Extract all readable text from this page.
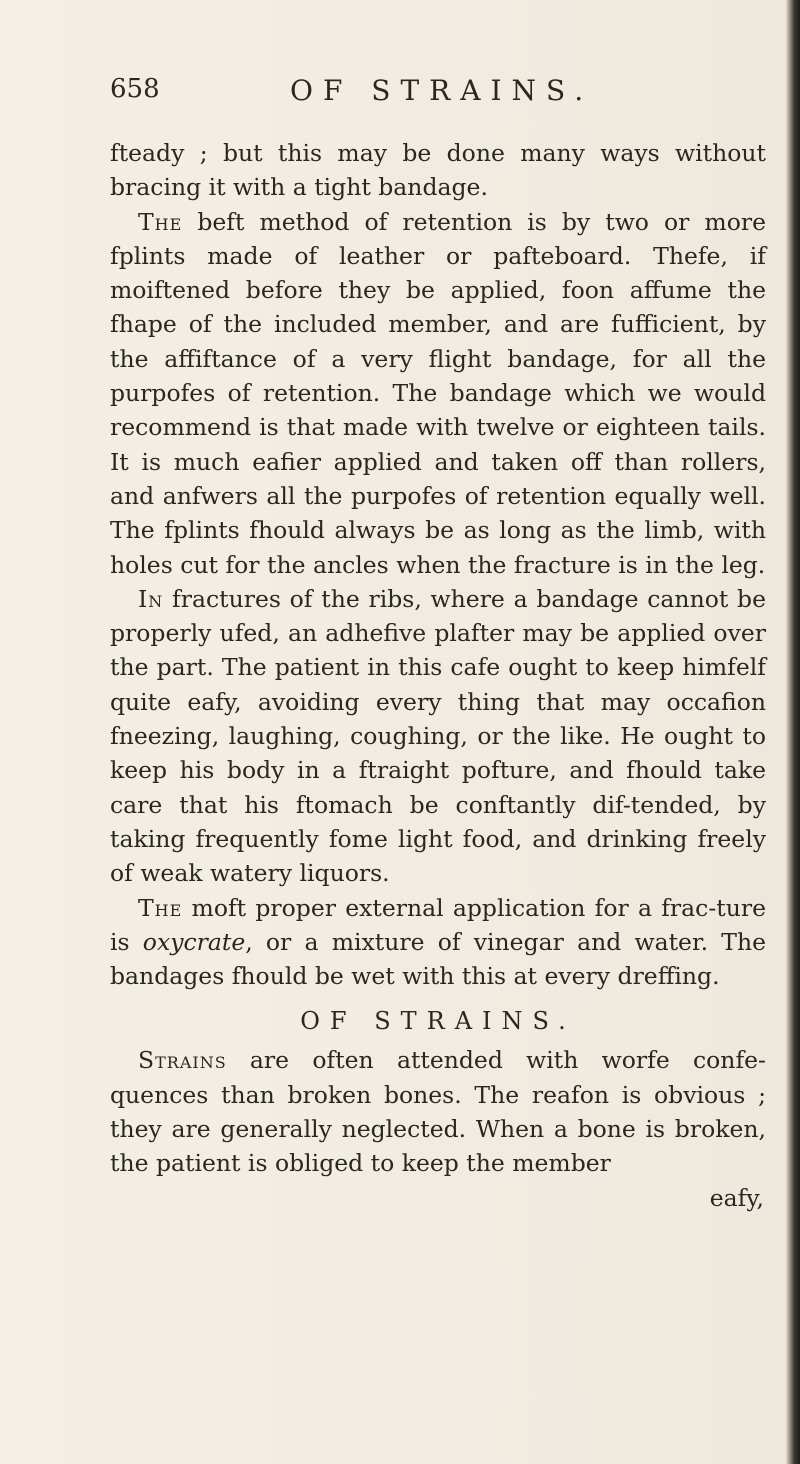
658	OF STRAINS.

fteady ; but this may be done many ways without bracing it with a tight bandage.

The beft method of retention is by two or more fplints made of leather or pafteboard. Thefe, if moiftened before they be applied, foon affume the fhape of the included member, and are fufficient, by the affiftance of a very flight bandage, for all the purpofes of retention. The bandage which we would recommend is that made with twelve or eighteen tails. It is much eafier applied and taken off than rollers, and anfwers all the purpofes of retention equally well. The fplints fhould always be as long as the limb, with holes cut for the ancles when the fracture is in the leg.

In fractures of the ribs, where a bandage cannot be properly ufed, an adhefive plafter may be applied over the part. The patient in this cafe ought to keep himfelf quite eafy, avoiding every thing that may occafion fneezing, laughing, coughing, or the like. He ought to keep his body in a ftraight pofture, and fhould take care that his ftomach be conftantly dif-tended, by taking frequently fome light food, and drinking freely of weak watery liquors.

The moft proper external application for a frac-ture is oxycrate, or a mixture of vinegar and water. The bandages fhould be wet with this at every dreffing.

OF STRAINS.

Strains are often attended with worfe confe-quences than broken bones. The reafon is obvious ; they are generally neglected. When a bone is broken, the patient is obliged to keep the member

eafy,
